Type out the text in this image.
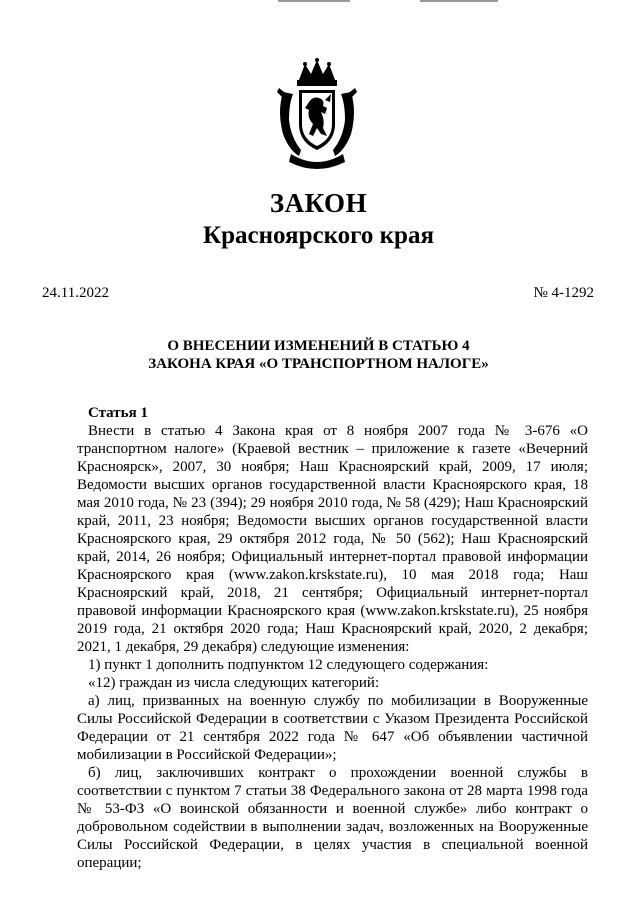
ЗАКОН
Красноярского края
24.11.2022	№ 4-1292
О ВНЕСЕНИИ ИЗМЕНЕНИЙ В СТАТЬЮ 4
ЗАКОНА КРАЯ «О ТРАНСПОРТНОМ НАЛОГЕ»

Статья 1

Внести в статью 4 Закона края от 8 ноября 2007 года № 3-676 «О транспортном налоге» (Краевой вестник – приложение к газете «Вечерний Красноярск», 2007, 30 ноября; Наш Красноярский край, 2009, 17 июля; Ведомости высших органов государственной власти Красноярского края, 18 мая 2010 года, № 23 (394); 29 ноября 2010 года, № 58 (429); Наш Красноярский край, 2011, 23 ноября; Ведомости высших органов государственной власти Красноярского края, 29 октября 2012 года, № 50 (562); Наш Красноярский край, 2014, 26 ноября; Официальный интернет-портал правовой информации Красноярского края (www.zakon.krskstate.ru), 10 мая 2018 года; Наш Красноярский край, 2018, 21 сентября; Официальный интернет-портал правовой информации Красноярского края (www.zakon.krskstate.ru), 25 ноября 2019 года, 21 октября 2020 года; Наш Красноярский край, 2020, 2 декабря; 2021, 1 декабря, 29 декабря) следующие изменения:

1) пункт 1 дополнить подпунктом 12 следующего содержания:

«12) граждан из числа следующих категорий:

а) лиц, призванных на военную службу по мобилизации в Вооруженные Силы Российской Федерации в соответствии с Указом Президента Российской Федерации от 21 сентября 2022 года № 647 «Об объявлении частичной мобилизации в Российской Федерации»;

б) лиц, заключивших контракт о прохождении военной службы в соответствии с пунктом 7 статьи 38 Федерального закона от 28 марта 1998 года № 53-ФЗ «О воинской обязанности и военной службе» либо контракт о добровольном содействии в выполнении задач, возложенных на Вооруженные Силы Российской Федерации, в целях участия в специальной военной операции;
